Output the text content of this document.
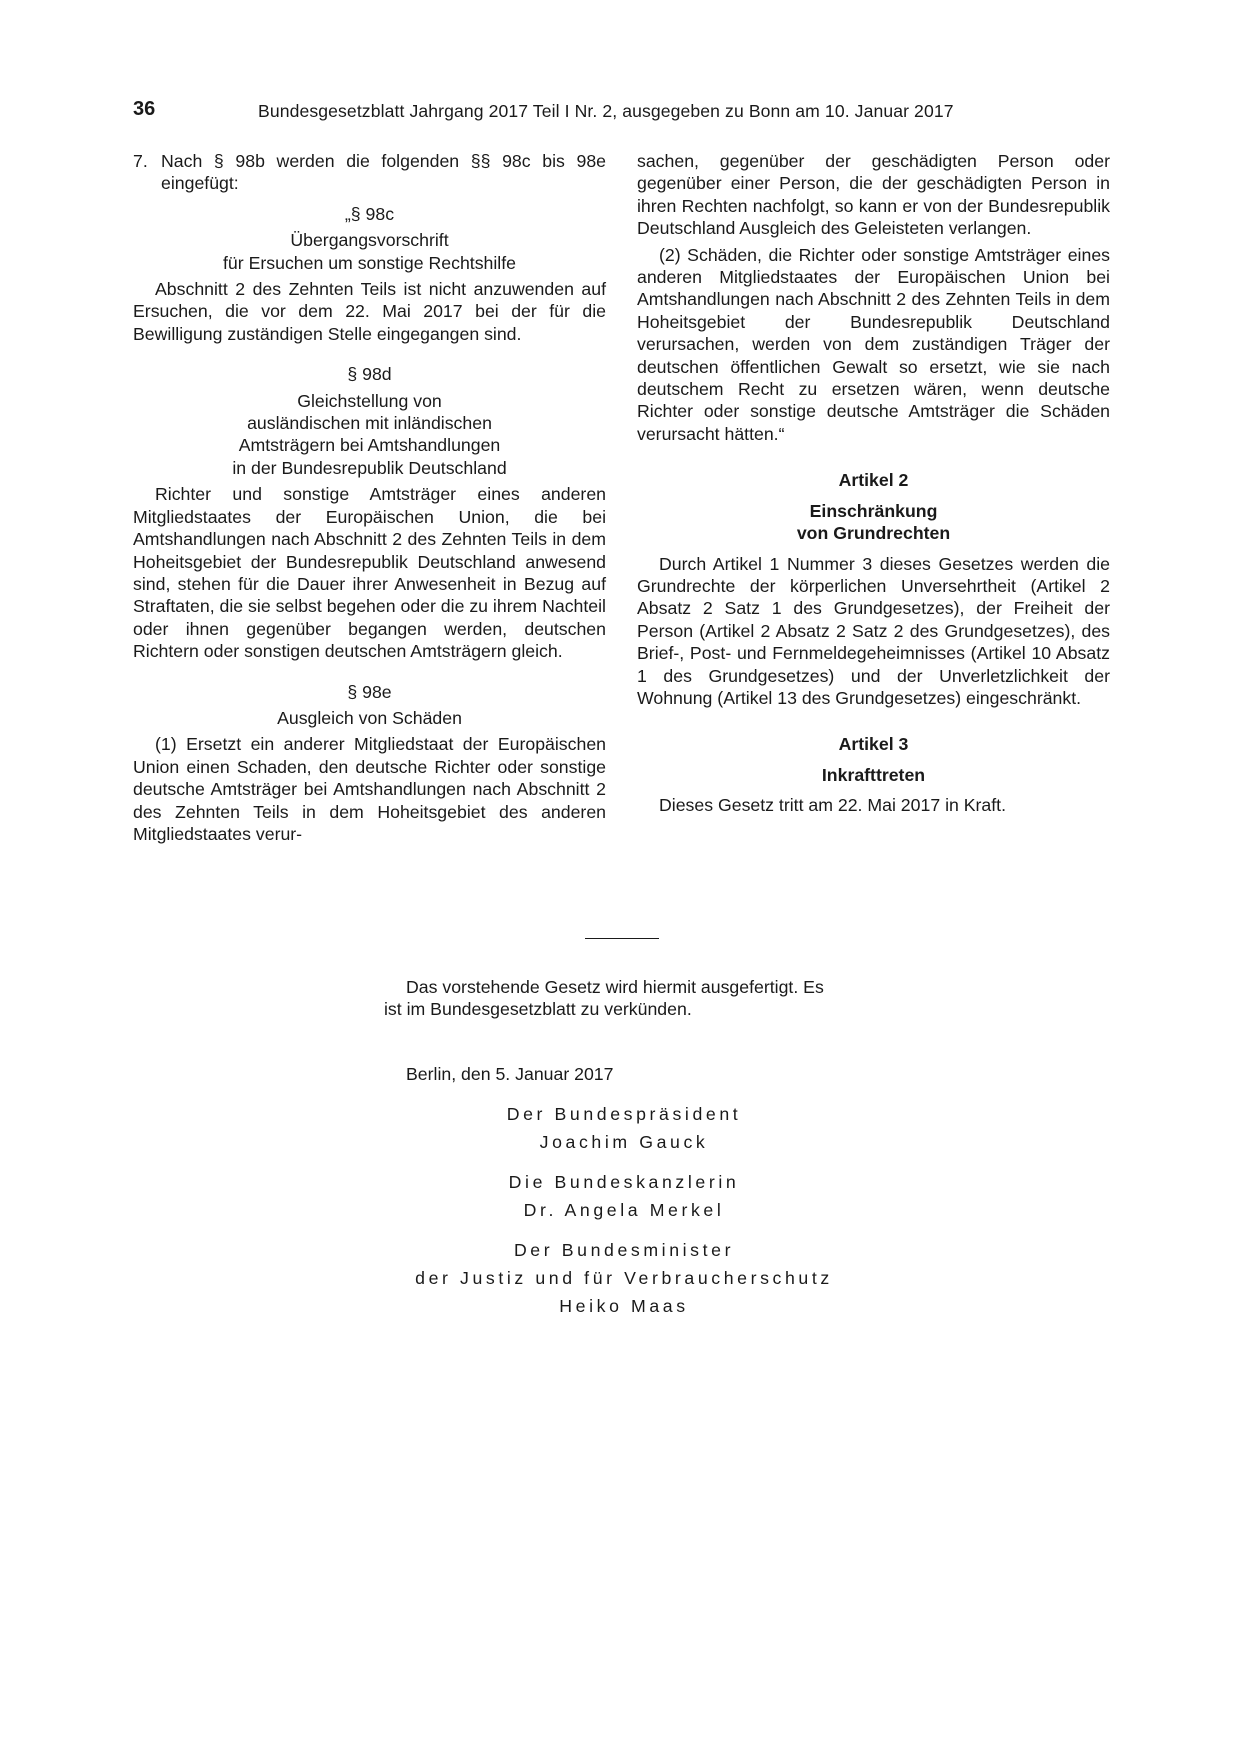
36	Bundesgesetzblatt Jahrgang 2017 Teil I Nr. 2, ausgegeben zu Bonn am 10. Januar 2017
7. Nach § 98b werden die folgenden §§ 98c bis 98e eingefügt:

„§ 98c

Übergangsvorschrift

für Ersuchen um sonstige Rechtshilfe

Abschnitt 2 des Zehnten Teils ist nicht anzuwenden auf Ersuchen, die vor dem 22. Mai 2017 bei der für die Bewilligung zuständigen Stelle eingegangen sind.

§ 98d

Gleichstellung von

ausländischen mit inländischen

Amtsträgern bei Amtshandlungen

in der Bundesrepublik Deutschland

Richter und sonstige Amtsträger eines anderen Mitgliedstaates der Europäischen Union, die bei Amtshandlungen nach Abschnitt 2 des Zehnten Teils in dem Hoheitsgebiet der Bundesrepublik Deutschland anwesend sind, stehen für die Dauer ihrer Anwesenheit in Bezug auf Straftaten, die sie selbst begehen oder die zu ihrem Nachteil oder ihnen gegenüber begangen werden, deutschen Richtern oder sonstigen deutschen Amtsträgern gleich.

§ 98e

Ausgleich von Schäden

(1) Ersetzt ein anderer Mitgliedstaat der Europäischen Union einen Schaden, den deutsche Richter oder sonstige deutsche Amtsträger bei Amtshandlungen nach Abschnitt 2 des Zehnten Teils in dem Hoheitsgebiet des anderen Mitgliedstaates verur-

sachen, gegenüber der geschädigten Person oder gegenüber einer Person, die der geschädigten Person in ihren Rechten nachfolgt, so kann er von der Bundesrepublik Deutschland Ausgleich des Geleisteten verlangen.

(2) Schäden, die Richter oder sonstige Amtsträger eines anderen Mitgliedstaates der Europäischen Union bei Amtshandlungen nach Abschnitt 2 des Zehnten Teils in dem Hoheitsgebiet der Bundesrepublik Deutschland verursachen, werden von dem zuständigen Träger der deutschen öffentlichen Gewalt so ersetzt, wie sie nach deutschem Recht zu ersetzen wären, wenn deutsche Richter oder sonstige deutsche Amtsträger die Schäden verursacht hätten.“

Artikel 2

Einschränkung

von Grundrechten

Durch Artikel 1 Nummer 3 dieses Gesetzes werden die Grundrechte der körperlichen Unversehrtheit (Artikel 2 Absatz 2 Satz 1 des Grundgesetzes), der Freiheit der Person (Artikel 2 Absatz 2 Satz 2 des Grundgesetzes), des Brief-, Post- und Fernmeldegeheimnisses (Artikel 10 Absatz 1 des Grundgesetzes) und der Unverletzlichkeit der Wohnung (Artikel 13 des Grundgesetzes) eingeschränkt.

Artikel 3

Inkrafttreten

Dieses Gesetz tritt am 22. Mai 2017 in Kraft.

Das vorstehende Gesetz wird hiermit ausgefertigt. Es

ist im Bundesgesetzblatt zu verkünden.

Berlin, den 5. Januar 2017

Der Bundespräsident

Joachim Gauck

Die Bundeskanzlerin

Dr. Angela Merkel

Der Bundesminister

der Justiz und für Verbraucherschutz

Heiko Maas
